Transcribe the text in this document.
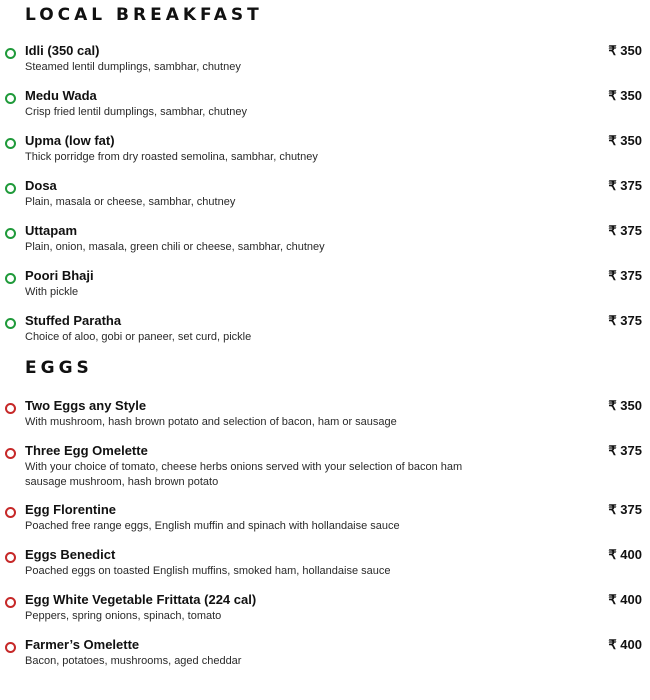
LOCAL BREAKFAST
Idli (350 cal)
Steamed lentil dumplings, sambhar, chutney
₹ 350
Medu Wada
Crisp fried lentil dumplings, sambhar, chutney
₹ 350
Upma (low fat)
Thick porridge from dry roasted semolina, sambhar, chutney
₹ 350
Dosa
Plain, masala or cheese, sambhar, chutney
₹ 375
Uttapam
Plain, onion, masala, green chili or cheese, sambhar, chutney
₹ 375
Poori Bhaji
With pickle
₹ 375
Stuffed Paratha
Choice of aloo, gobi or paneer, set curd, pickle
₹ 375
EGGS
Two Eggs any Style
With mushroom, hash brown potato and selection of bacon, ham or sausage
₹ 350
Three Egg Omelette
With your choice of tomato, cheese herbs onions served with your selection of bacon ham sausage mushroom, hash brown potato
₹ 375
Egg Florentine
Poached free range eggs, English muffin and spinach with hollandaise sauce
₹ 375
Eggs Benedict
Poached eggs on toasted English muffins, smoked ham, hollandaise sauce
₹ 400
Egg White Vegetable Frittata (224 cal)
Peppers, spring onions, spinach, tomato
₹ 400
Farmer’s Omelette
Bacon, potatoes, mushrooms, aged cheddar
₹ 400
